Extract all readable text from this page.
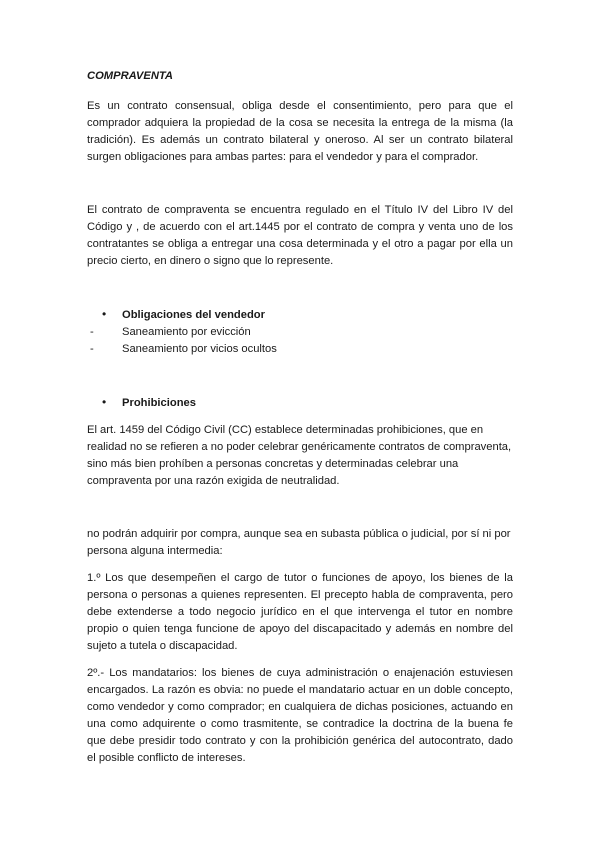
COMPRAVENTA

Es un contrato consensual, obliga desde el consentimiento, pero para que el comprador adquiera la propiedad de la cosa se necesita la entrega de la misma (la tradición). Es además un contrato bilateral y oneroso. Al ser un contrato bilateral surgen obligaciones para ambas partes: para el vendedor y para el comprador.

El contrato de compraventa se encuentra regulado en el Título IV del Libro IV del Código y , de acuerdo con el art.1445 por el contrato de compra y venta uno de los contratantes se obliga a entregar una cosa determinada y el otro a pagar por ella un precio cierto, en dinero o signo que lo represente.

•	Obligaciones del vendedor
-	Saneamiento por evicción
-	Saneamiento por vicios ocultos
•	Prohibiciones

El art. 1459 del Código Civil (CC) establece determinadas prohibiciones, que en realidad no se refieren a no poder celebrar genéricamente contratos de compraventa, sino más bien prohíben a personas concretas y determinadas celebrar una compraventa por una razón exigida de neutralidad.

no podrán adquirir por compra, aunque sea en subasta pública o judicial, por sí ni por persona alguna intermedia:

1.º Los que desempeñen el cargo de tutor o funciones de apoyo, los bienes de la persona o personas a quienes representen. El precepto habla de compraventa, pero debe extenderse a todo negocio jurídico en el que intervenga el tutor en nombre propio o quien tenga funcione de apoyo del discapacitado y además en nombre del sujeto a tutela o discapacidad.

2º.- Los mandatarios: los bienes de cuya administración o enajenación estuviesen encargados. La razón es obvia: no puede el mandatario actuar en un doble concepto, como vendedor y como comprador; en cualquiera de dichas posiciones, actuando en una como adquirente o como trasmitente, se contradice la doctrina de la buena fe que debe presidir todo contrato y con la prohibición genérica del autocontrato, dado el posible conflicto de intereses.
